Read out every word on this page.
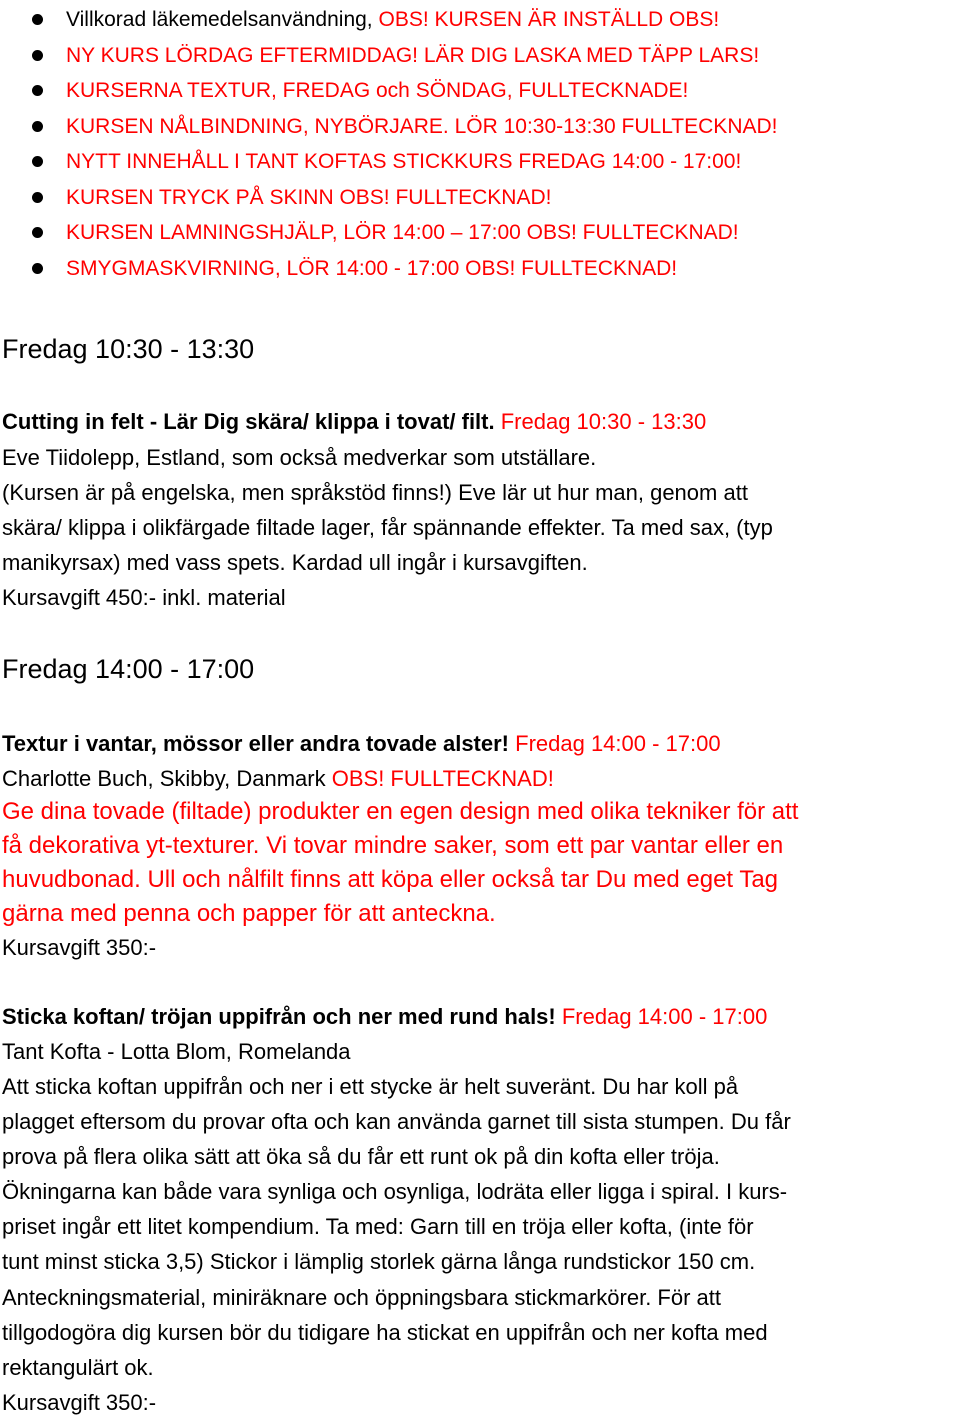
Villkorad läkemedelsanvändning, OBS! KURSEN ÄR INSTÄLLD OBS!
NY KURS LÖRDAG EFTERMIDDAG! LÄR DIG LASKA MED TÄPP LARS!
KURSERNA TEXTUR, FREDAG och SÖNDAG, FULLTECKNADE!
KURSEN NÅLBINDNING, NYBÖRJARE. LÖR 10:30-13:30 FULLTECKNAD!
NYTT INNEHÅLL I TANT KOFTAS STICKKURS FREDAG 14:00 - 17:00!
KURSEN TRYCK PÅ SKINN OBS! FULLTECKNAD!
KURSEN LAMNINGSHJÄLP, LÖR 14:00 – 17:00 OBS! FULLTECKNAD!
SMYGMASKVIRNING, LÖR 14:00 - 17:00 OBS! FULLTECKNAD!
Fredag 10:30 - 13:30
Cutting in felt - Lär Dig skära/ klippa i tovat/ filt. Fredag 10:30 - 13:30
Eve Tiidolepp, Estland, som också medverkar som utställare.
(Kursen är på engelska, men språkstöd finns!) Eve lär ut hur man, genom att
skära/ klippa i olikfärgade filtade lager, får spännande effekter. Ta med sax, (typ
manikyrsax) med vass spets. Kardad ull ingår i kursavgiften.
Kursavgift 450:- inkl. material
Fredag 14:00 - 17:00
Textur i vantar, mössor eller andra tovade alster! Fredag 14:00 - 17:00
Charlotte Buch, Skibby, Danmark OBS! FULLTECKNAD!
Ge dina tovade (filtade) produkter en egen design med olika tekniker för att
få dekorativa yt-texturer. Vi tovar mindre saker, som ett par vantar eller en
huvudbonad. Ull och nålfilt finns att köpa eller också tar Du med eget Tag
gärna med penna och papper för att anteckna.
Kursavgift 350:-
Sticka koftan/ tröjan uppifrån och ner med rund hals! Fredag 14:00 - 17:00
Tant Kofta - Lotta Blom, Romelanda
Att sticka koftan uppifrån och ner i ett stycke är helt suveränt. Du har koll på
plagget eftersom du provar ofta och kan använda garnet till sista stumpen. Du får
prova på flera olika sätt att öka så du får ett runt ok på din kofta eller tröja.
Ökningarna kan både vara synliga och osynliga, lodräta eller ligga i spiral. I kurs-
priset ingår ett litet kompendium. Ta med: Garn till en tröja eller kofta, (inte för
tunt minst sticka 3,5) Stickor i lämplig storlek gärna långa rundstickor 150 cm.
Anteckningsmaterial, miniräknare och öppningsbara stickmarkörer. För att
tillgodogöra dig kursen bör du tidigare ha stickat en uppifrån och ner kofta med
rektangulärt ok.
Kursavgift 350:-
